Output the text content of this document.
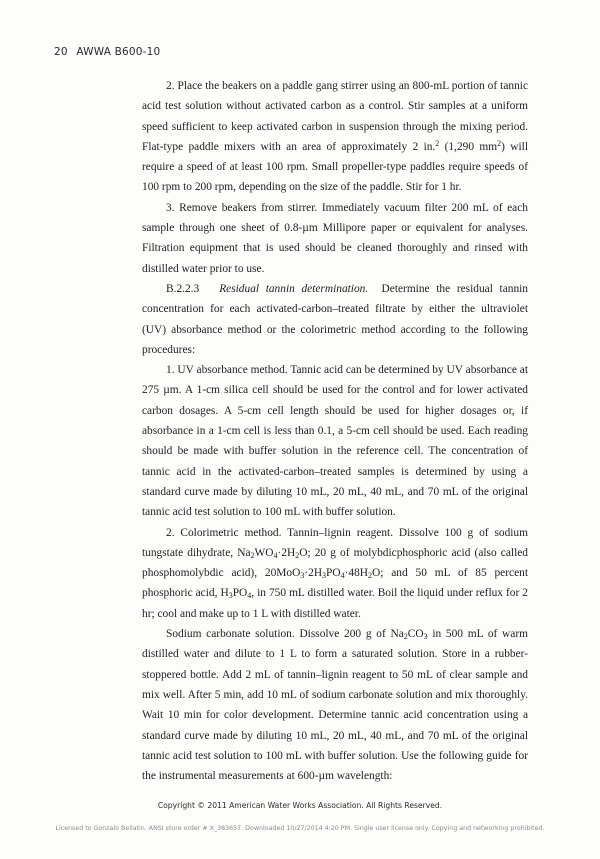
20 AWWA B600-10

2. Place the beakers on a paddle gang stirrer using an 800-mL portion of tannic acid test solution without activated carbon as a control. Stir samples at a uniform speed sufficient to keep activated carbon in suspension through the mixing period. Flat-type paddle mixers with an area of approximately 2 in.$^2$ (1,290 $mm^2$) will require a speed of at least 100 rpm. Small propeller-type paddles require speeds of 100 rpm to 200 rpm, depending on the size of the paddle. Stir for 1 hr.

3. Remove beakers from stirrer. Immediately vacuum filter 200 mL of each sample through one sheet of 0.8-µm Millipore paper or equivalent for analyses. Filtration equipment that is used should be cleaned thoroughly and rinsed with distilled water prior to use.

B.2.2.3 Residual tannin determination. Determine the residual tannin concentration for each activated-carbon–treated filtrate by either the ultraviolet (UV) absorbance method or the colorimetric method according to the following procedures:

1. UV absorbance method. Tannic acid can be determined by UV absorbance at 275 µm. A 1-cm silica cell should be used for the control and for lower activated carbon dosages. A 5-cm cell length should be used for higher dosages or, if absorbance in a 1-cm cell is less than 0.1, a 5-cm cell should be used. Each reading should be made with buffer solution in the reference cell. The concentration of tannic acid in the activated-carbon–treated samples is determined by using a standard curve made by diluting 10 mL, 20 mL, 40 mL, and 70 mL of the original tannic acid test solution to 100 mL with buffer solution.

2. Colorimetric method. Tannin–lignin reagent. Dissolve 100 g of sodium tungstate dihydrate, $Na_2WO_4\cdot 2H_2O$; 20 g of molybdicphosphoric acid (also called phosphomolybdic acid), $20MoO_3\cdot 2H_3PO_4\cdot 48H_2O$; and 50 mL of 85 percent phosphoric acid, $H_3PO_4$, in 750 mL distilled water. Boil the liquid under reflux for 2 hr; cool and make up to 1 L with distilled water.

Sodium carbonate solution. Dissolve 200 g of $Na_2CO_3$ in 500 mL of warm distilled water and dilute to 1 L to form a saturated solution. Store in a rubber-stoppered bottle. Add 2 mL of tannin–lignin reagent to 50 mL of clear sample and mix well. After 5 min, add 10 mL of sodium carbonate solution and mix thoroughly. Wait 10 min for color development. Determine tannic acid concentration using a standard curve made by diluting 10 mL, 20 mL, 40 mL, and 70 mL of the original tannic acid test solution to 100 mL with buffer solution. Use the following guide for the instrumental measurements at 600-µm wavelength:

Copyright © 2011 American Water Works Association. All Rights Reserved.
Licensed to Gonzalo Bellatin. ANSI store order # X_383657. Downloaded 10/27/2014 4:20 PM. Single user license only. Copying and networking prohibited.
